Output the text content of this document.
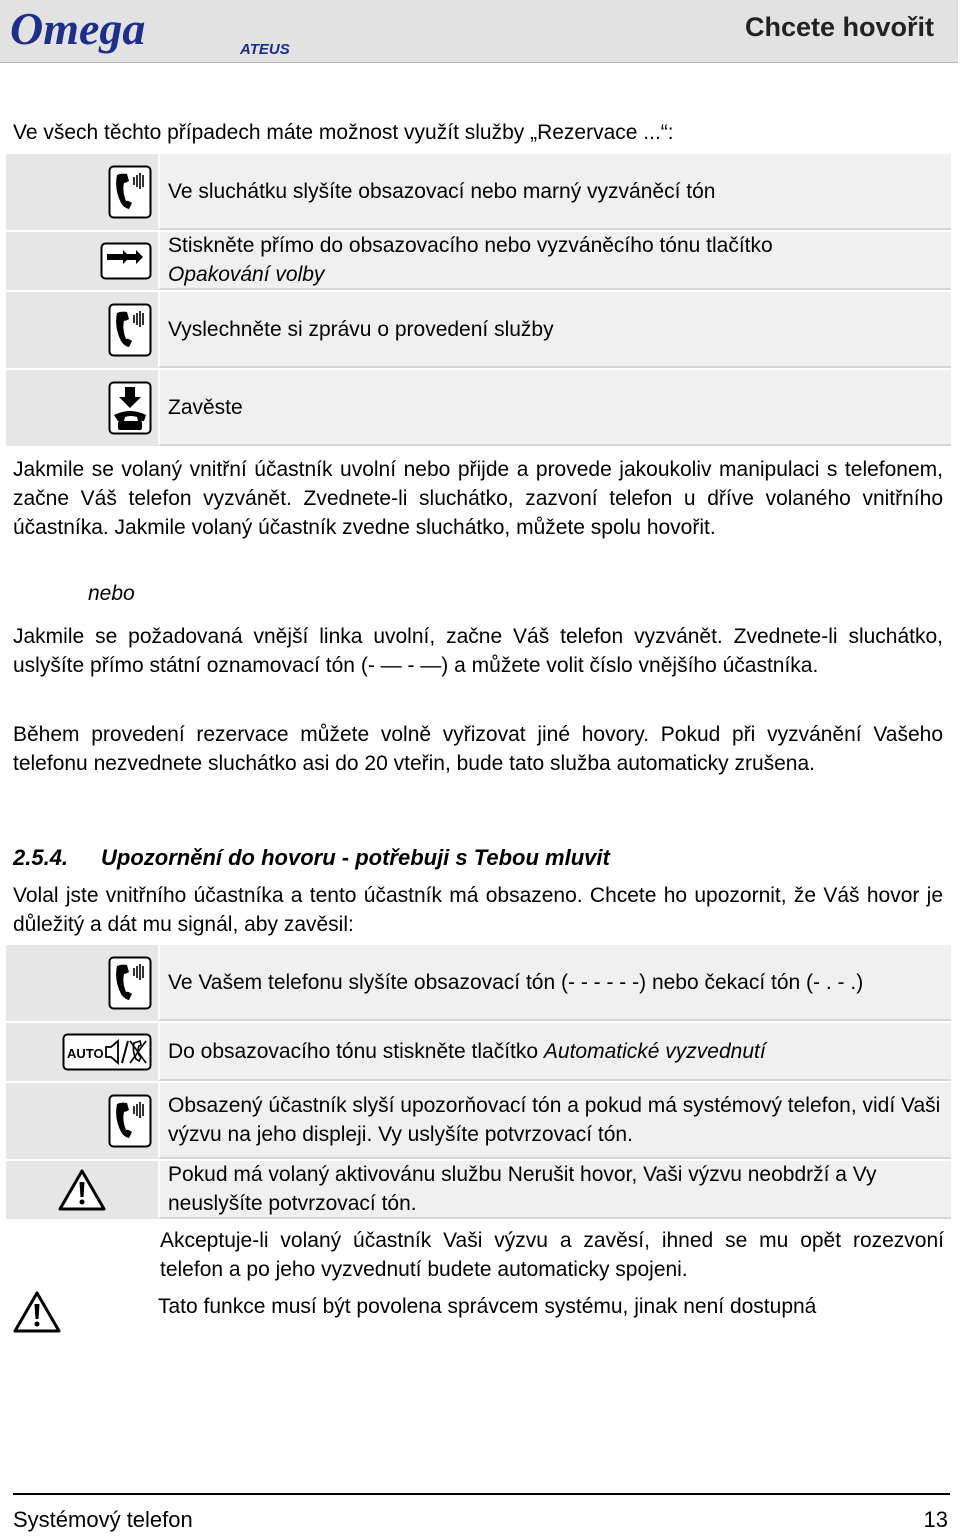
Omega	ATEUS
Chcete hovořit

Ve všech těchto případech máte možnost využít služby „Rezervace ...“:

Ve sluchátku slyšíte obsazovací nebo marný vyzváněcí tón
Stiskněte přímo do obsazovacího nebo vyzváněcího tónu tlačítko
Opakování volby
Vyslechněte si zprávu o provedení služby
Zavěste

Jakmile se volaný vnitřní účastník uvolní nebo přijde a provede jakoukoliv manipulaci s telefonem, začne Váš telefon vyzvánět. Zvednete-li sluchátko, zazvoní telefon u dříve volaného vnitřního účastníka. Jakmile volaný účastník zvedne sluchátko, můžete spolu hovořit.

nebo

Jakmile se požadovaná vnější linka uvolní, začne Váš telefon vyzvánět. Zvednete-li sluchátko, uslyšíte přímo státní oznamovací tón (- ― - ―) a můžete volit číslo vnějšího účastníka.

Během provedení rezervace můžete volně vyřizovat jiné hovory. Pokud při vyzvánění Vašeho telefonu nezvednete sluchátko asi do 20 vteřin, bude tato služba automaticky zrušena.

2.5.4. Upozornění do hovoru - potřebuji s Tebou mluvit

Volal jste vnitřního účastníka a tento účastník má obsazeno. Chcete ho upozornit, že Váš hovor je důležitý a dát mu signál, aby zavěsil:

Ve Vašem telefonu slyšíte obsazovací tón (- - - - - -) nebo čekací tón (- . - .)
AUTO	Do obsazovacího tónu stiskněte tlačítko Automatické vyzvednutí
Obsazený účastník slyší upozorňovací tón a pokud má systémový telefon, vidí Vaši výzvu na jeho displeji. Vy uslyšíte potvrzovací tón.
Pokud má volaný aktivovánu službu Nerušit hovor, Vaši výzvu neobdrží a Vy neuslyšíte potvrzovací tón.
Akceptuje-li volaný účastník Vaši výzvu a zavěsí, ihned se mu opět rozezvoní telefon a po jeho vyzvednutí budete automaticky spojeni.
Tato funkce musí být povolena správcem systému, jinak není dostupná
Systémový telefon	13
